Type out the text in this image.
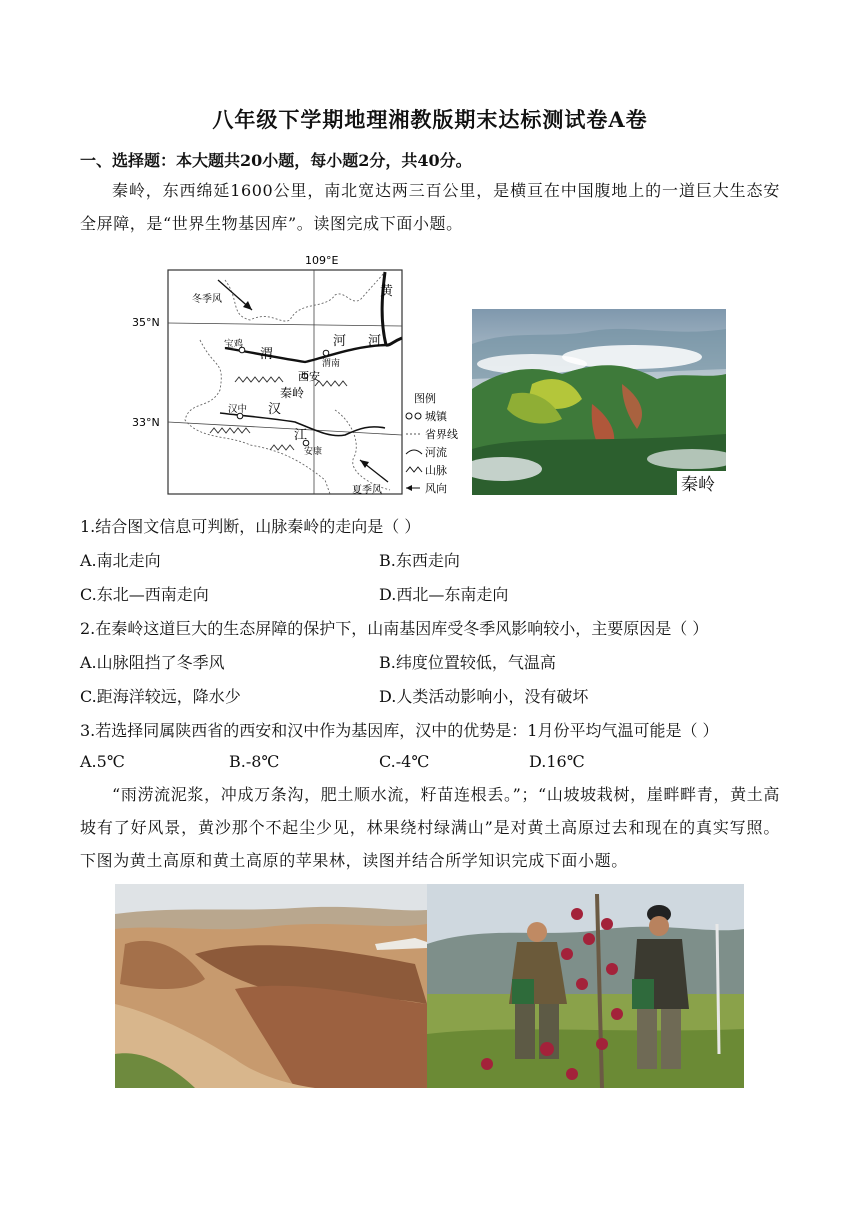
八年级下学期地理湘教版期末达标测试卷A卷
一、选择题：本大题共20小题，每小题2分，共40分。
秦岭，东西绵延1600公里，南北宽达两三百公里，是横亘在中国腹地上的一道巨大生态安全屏障，是“世界生物基因库”。读图完成下面小题。
109°E
35°N
33°N
冬季风
夏季风
宝鸡
渭南
西安
汉中
安康
秦岭
黄
河 河
渭
汉
江
图例
城镇
省界线
河流
山脉
风向	秦岭
1.结合图文信息可判断，山脉秦岭的走向是（ ）
A.南北走向	B.东西走向
C.东北—西南走向	D.西北—东南走向
2.在秦岭这道巨大的生态屏障的保护下，山南基因库受冬季风影响较小，主要原因是（ ）
A.山脉阻挡了冬季风	B.纬度位置较低，气温高
C.距海洋较远，降水少	D.人类活动影响小，没有破坏
3.若选择同属陕西省的西安和汉中作为基因库，汉中的优势是：1月份平均气温可能是（ ）
A.5℃	B.-8℃	C.-4℃	D.16℃
“雨涝流泥浆，冲成万条沟，肥土顺水流，籽苗连根丢。”；“山坡坡栽树，崖畔畔青，黄土高坡有了好风景，黄沙那个不起尘少见，林果绕村绿满山”是对黄土高原过去和现在的真实写照。下图为黄土高原和黄土高原的苹果林，读图并结合所学知识完成下面小题。
